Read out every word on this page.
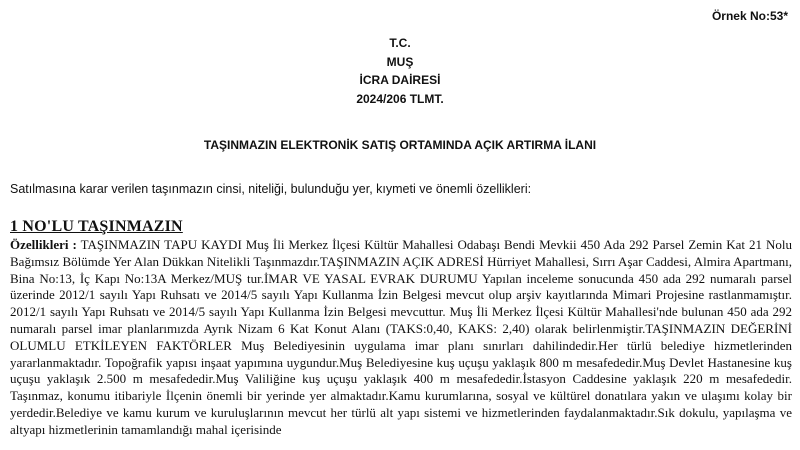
Örnek No:53*
T.C.
MUŞ
İCRA DAİRESİ
2024/206 TLMT.
TAŞINMAZIN ELEKTRONİK SATIŞ ORTAMINDA AÇIK ARTIRMA İLANI
Satılmasına karar verilen taşınmazın cinsi, niteliği, bulunduğu yer, kıymeti ve önemli özellikleri:
1 NO'LU TAŞINMAZIN
Özellikleri : TAŞINMAZIN TAPU KAYDI Muş İli Merkez İlçesi Kültür Mahallesi Odabaşı Bendi Mevkii 450 Ada 292 Parsel Zemin Kat 21 Nolu Bağımsız Bölümde Yer Alan Dükkan Nitelikli Taşınmazdır.TAŞINMAZIN AÇIK ADRESİ Hürriyet Mahallesi, Sırrı Aşar Caddesi, Almira Apartmanı, Bina No:13, İç Kapı No:13A Merkez/MUŞ tur.İMAR VE YASAL EVRAK DURUMU Yapılan inceleme sonucunda 450 ada 292 numaralı parsel üzerinde 2012/1 sayılı Yapı Ruhsatı ve 2014/5 sayılı Yapı Kullanma İzin Belgesi mevcut olup arşiv kayıtlarında Mimari Projesine rastlanmamıştır. 2012/1 sayılı Yapı Ruhsatı ve 2014/5 sayılı Yapı Kullanma İzin Belgesi mevcuttur. Muş İli Merkez İlçesi Kültür Mahallesi'nde bulunan 450 ada 292 numaralı parsel imar planlarımızda Ayrık Nizam 6 Kat Konut Alanı (TAKS:0,40, KAKS: 2,40) olarak belirlenmiştir.TAŞINMAZIN DEĞERİNİ OLUMLU ETKİLEYEN FAKTÖRLER Muş Belediyesinin uygulama imar planı sınırları dahilindedir.Her türlü belediye hizmetlerinden yararlanmaktadır. Topoğrafik yapısı inşaat yapımına uygundur.Muş Belediyesine kuş uçuşu yaklaşık 800 m mesafededir.Muş Devlet Hastanesine kuş uçuşu yaklaşık 2.500 m mesafededir.Muş Valiliğine kuş uçuşu yaklaşık 400 m mesafededir.İstasyon Caddesine yaklaşık 220 m mesafededir. Taşınmaz, konumu itibariyle İlçenin önemli bir yerinde yer almaktadır.Kamu kurumlarına, sosyal ve kültürel donatılara yakın ve ulaşımı kolay bir yerdedir.Belediye ve kamu kurum ve kuruluşlarının mevcut her türlü alt yapı sistemi ve hizmetlerinden faydalanmaktadır.Sık dokulu, yapılaşma ve altyapı hizmetlerinin tamamlandığı mahal içerisinde
